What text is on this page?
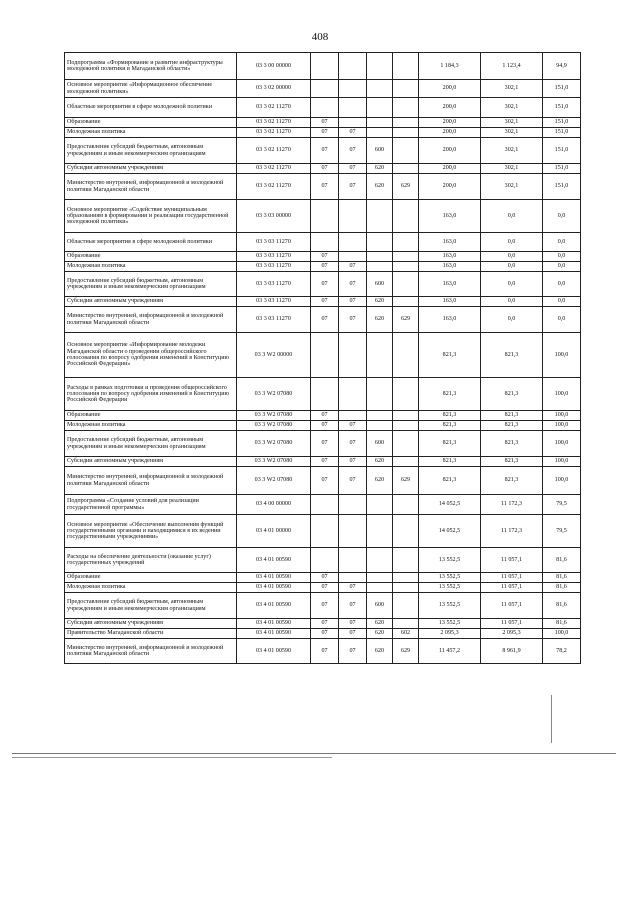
408
Подпрограмма «Формирование и развитие инфраструктуры молодежной политики в Магаданской области»	03 3 00 00000					1 184,3	1 123,4	94,9
Основное мероприятие «Информационное обеспечение молодежной политики»	03 3 02 00000					200,0	302,1	151,0
Областные мероприятия в сфере молодежной политики	03 3 02 11270					200,0	302,1	151,0
Образование	03 3 02 11270	07				200,0	302,1	151,0
Молодежная политика	03 3 02 11270	07	07			200,0	302,1	151,0
Предоставление субсидий бюджетным, автономным учреждениям и иным некоммерческим организациям	03 3 02 11270	07	07	600		200,0	302,1	151,0
Субсидии автономным учреждениям	03 3 02 11270	07	07	620		200,0	302,1	151,0
Министерство внутренней, информационной и молодежной политики Магаданской области	03 3 02 11270	07	07	620	629	200,0	302,1	151,0
Основное мероприятие «Содействие муниципальным образованиям в формировании и реализации государственной молодежной политики»	03 3 03 00000					163,0	0,0	0,0
Областные мероприятия в сфере молодежной политики	03 3 03 11270					163,0	0,0	0,0
Образование	03 3 03 11270	07				163,0	0,0	0,0
Молодежная политика	03 3 03 11270	07	07			163,0	0,0	0,0
Предоставление субсидий бюджетным, автономным учреждениям и иным некоммерческим организациям	03 3 03 11270	07	07	600		163,0	0,0	0,0
Субсидии автономным учреждениям	03 3 03 11270	07	07	620		163,0	0,0	0,0
Министерство внутренней, информационной и молодежной политики Магаданской области	03 3 03 11270	07	07	620	629	163,0	0,0	0,0
Основное мероприятие «Информирование молодежи Магаданской области о проведении общероссийского голосования по вопросу одобрения изменений в Конституцию Российской Федерации»	03 3 W2 00000					821,3	821,3	100,0
Расходы в рамках подготовки и проведения общероссийского голосования по вопросу одобрения изменений в Конституцию Российской Федерации	03 3 W2 07080					821,3	821,3	100,0
Образование	03 3 W2 07080	07				821,3	821,3	100,0
Молодежная политика	03 3 W2 07080	07	07			821,3	821,3	100,0
Предоставление субсидий бюджетным, автономным учреждениям и иным некоммерческим организациям	03 3 W2 07080	07	07	600		821,3	821,3	100,0
Субсидии автономным учреждениям	03 3 W2 07080	07	07	620		821,3	821,3	100,0
Министерство внутренней, информационной и молодежной политики Магаданской области	03 3 W2 07080	07	07	620	629	821,3	821,3	100,0
Подпрограмма «Создание условий для реализации государственной программы»	03 4 00 00000					14 052,5	11 172,3	79,5
Основное мероприятие «Обеспечение выполнения функций государственными органами и находящимися в их ведении государственными учреждениями»	03 4 01 00000					14 052,5	11 172,3	79,5
Расходы на обеспечение деятельности (оказание услуг) государственных учреждений	03 4 01 00590					13 552,5	11 057,1	81,6
Образование	03 4 01 00590	07				13 552,5	11 057,1	81,6
Молодежная политика	03 4 01 00590	07	07			13 552,5	11 057,1	81,6
Предоставление субсидий бюджетным, автономным учреждениям и иным некоммерческим организациям	03 4 01 00590	07	07	600		13 552,5	11 057,1	81,6
Субсидии автономным учреждениям	03 4 01 00590	07	07	620		13 552,5	11 057,1	81,6
Правительство Магаданской области	03 4 01 00590	07	07	620	602	2 095,3	2 095,3	100,0
Министерство внутренней, информационной и молодежной политики Магаданской области	03 4 01 00590	07	07	620	629	11 457,2	8 961,9	78,2
